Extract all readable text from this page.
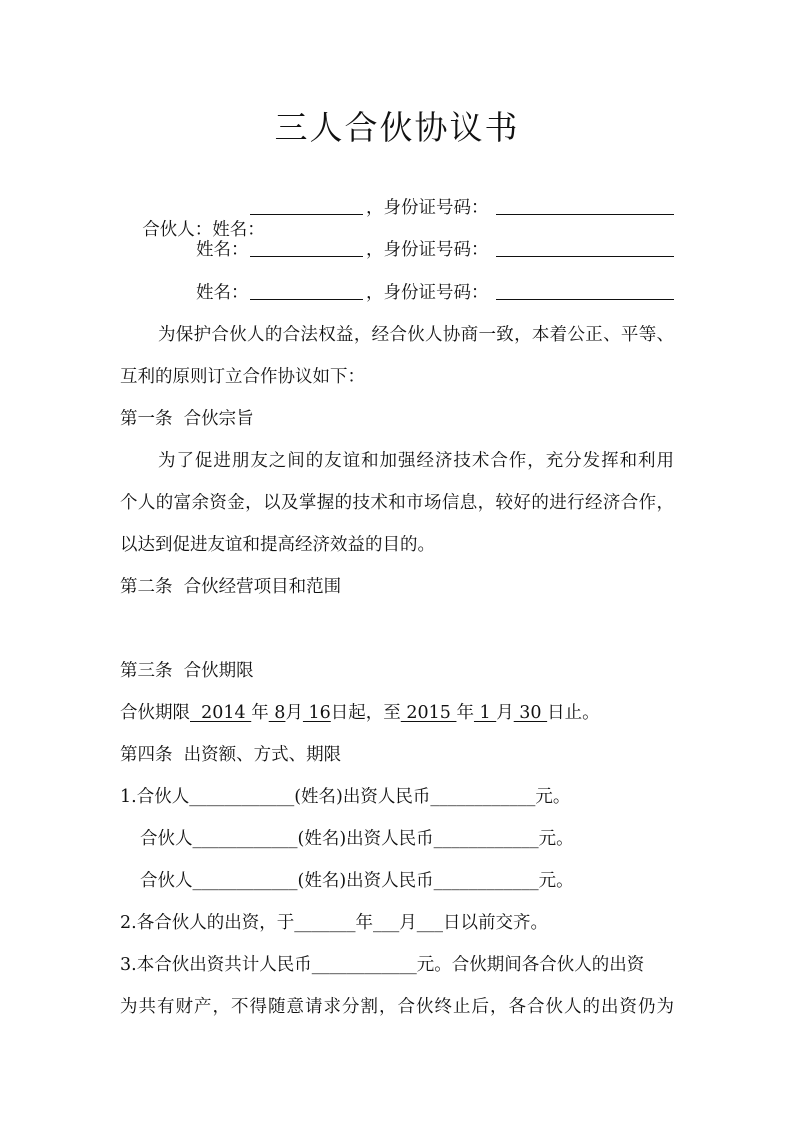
三人合伙协议书

合伙人：姓名：

，身份证号码：
姓名：	，身份证号码：
姓名：	，身份证号码：
为保护合伙人的合法权益，经合伙人协商一致，本着公正、平等、
互利的原则订立合作协议如下：
第一条  合伙宗旨
为了促进朋友之间的友谊和加强经济技术合作，充分发挥和利用
个人的富余资金，以及掌握的技术和市场信息，较好的进行经济合作，
以达到促进友谊和提高经济效益的目的。
第二条  合伙经营项目和范围
第三条  合伙期限
合伙期限  2014 年 8月 16日起，至 2015 年 1 月 30 日止。
第四条  出资额、方式、期限
1.合伙人____________(姓名)出资人民币____________元。
合伙人____________(姓名)出资人民币____________元。
合伙人____________(姓名)出资人民币____________元。
2.各合伙人的出资，于_______年___月___日以前交齐。
3.本合伙出资共计人民币____________元。合伙期间各合伙人的出资
为共有财产，不得随意请求分割，合伙终止后，各合伙人的出资仍为
